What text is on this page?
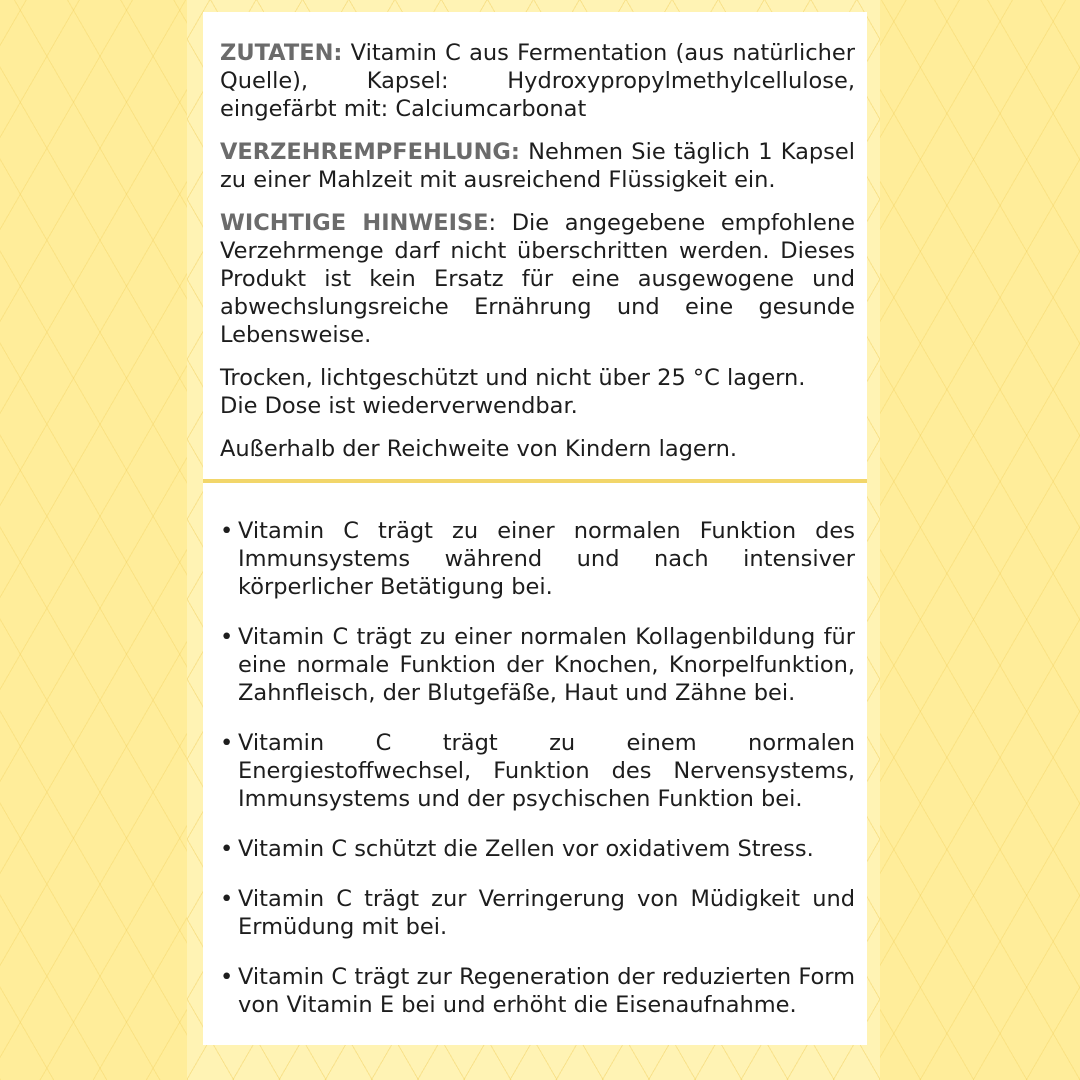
ZUTATEN: Vitamin C aus Fermentation (aus natürlicher Quelle), Kapsel: Hydroxypropylmethylcellulose, eingefärbt mit: Calciumcarbonat

VERZEHREMPFEHLUNG: Nehmen Sie täglich 1 Kapsel zu einer Mahlzeit mit ausreichend Flüssigkeit ein.

WICHTIGE HINWEISE: Die angegebene empfohlene Verzehrmenge darf nicht überschritten werden. Dieses Produkt ist kein Ersatz für eine ausgewogene und abwechslungsreiche Ernährung und eine gesunde Lebensweise.

Trocken, lichtgeschützt und nicht über 25 °C lagern.
Die Dose ist wiederverwendbar.

Außerhalb der Reichweite von Kindern lagern.

• Vitamin C trägt zu einer normalen Funktion des Immunsystems während und nach intensiver körperlicher Betätigung bei.
• Vitamin C trägt zu einer normalen Kollagenbildung für eine normale Funktion der Knochen, Knorpelfunktion, Zahnfleisch, der Blutgefäße, Haut und Zähne bei.
• Vitamin C trägt zu einem normalen Energiestoffwechsel, Funktion des Nervensystems, Immunsystems und der psychischen Funktion bei.
• Vitamin C schützt die Zellen vor oxidativem Stress.
• Vitamin C trägt zur Verringerung von Müdigkeit und Ermüdung mit bei.
• Vitamin C trägt zur Regeneration der reduzierten Form von Vitamin E bei und erhöht die Eisenaufnahme.
